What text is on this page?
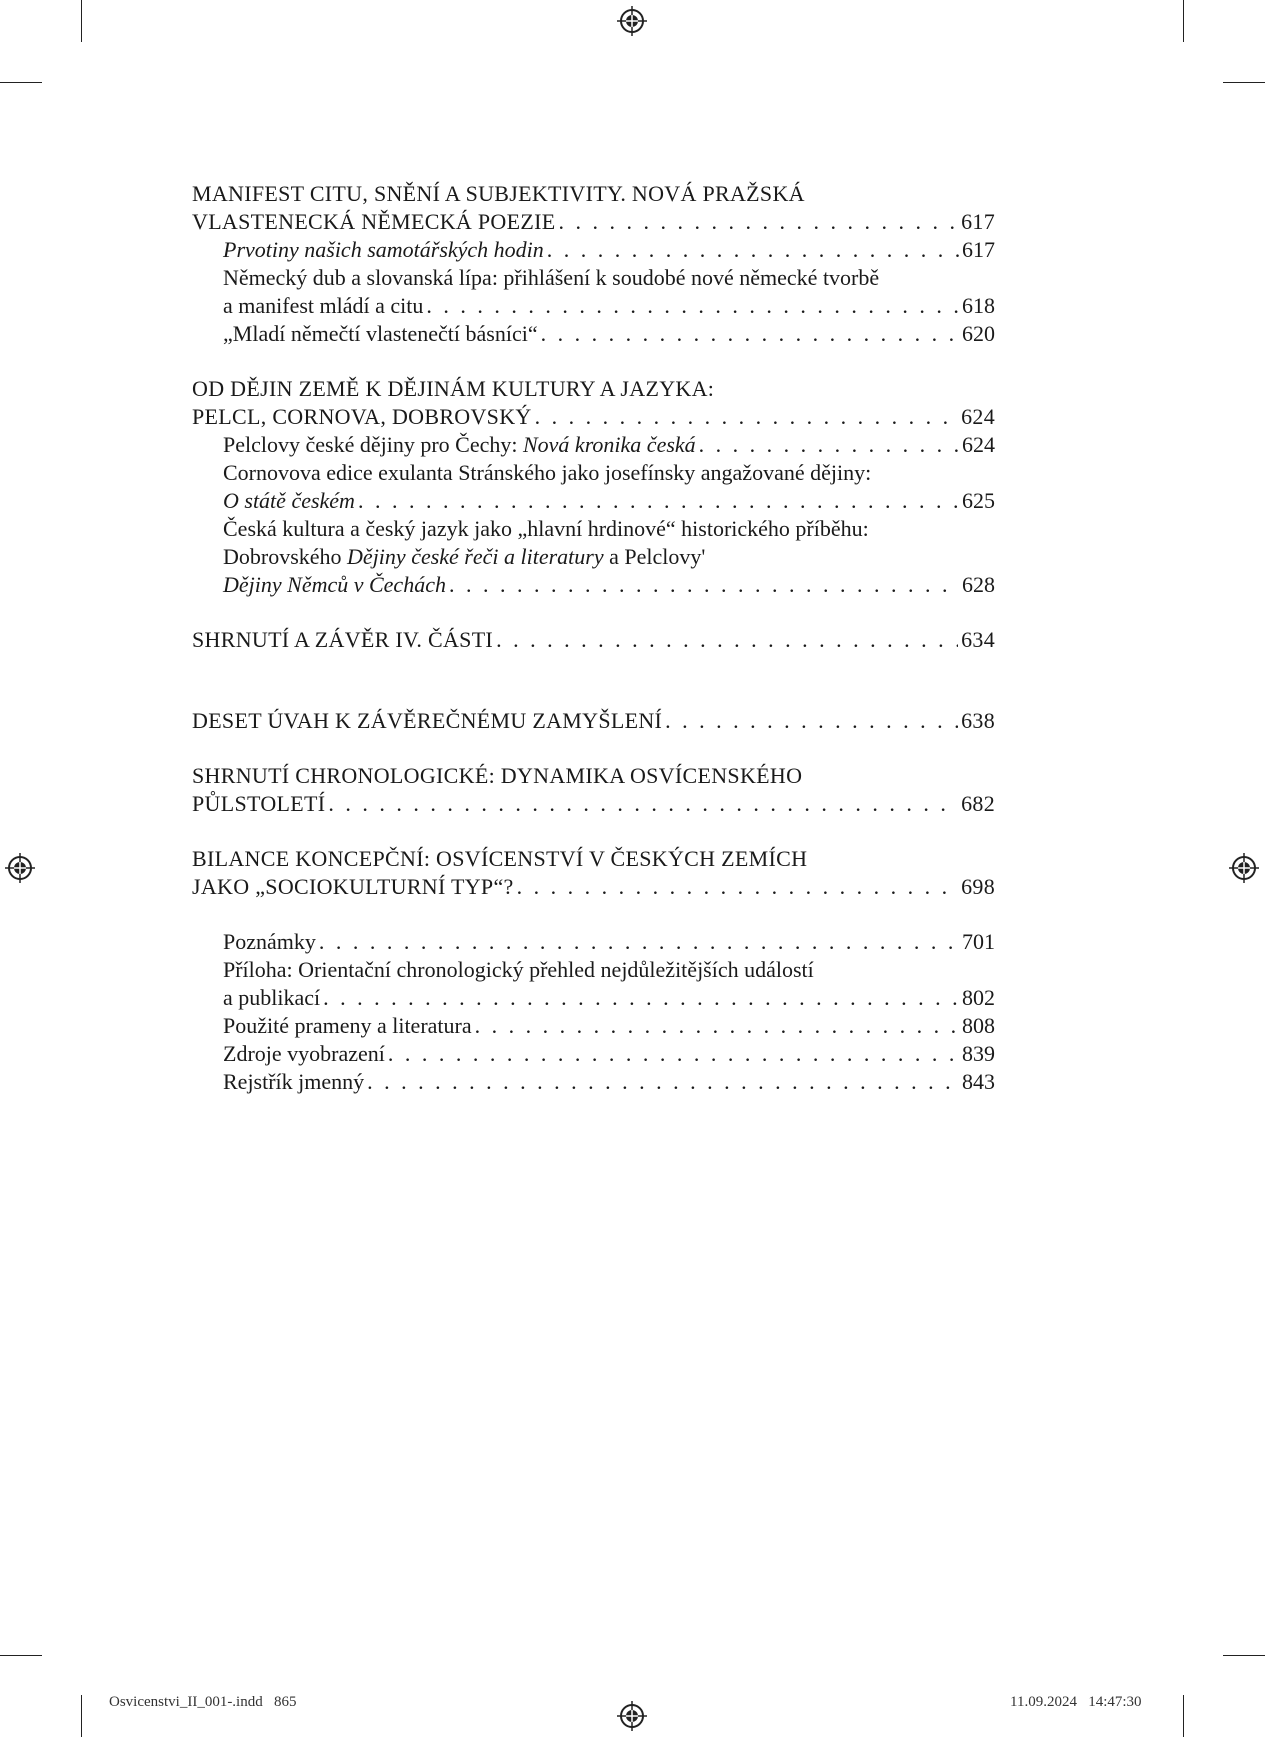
MANIFEST CITU, SNĚNÍ A SUBJEKTIVITY. NOVÁ PRAŽSKÁ
VLASTENECKÁ NĚMECKÁ POEZIE . . .	617
Prvotiny našich samotářských hodin . . .	617
Německý dub a slovanská lípa: přihlášení k soudobé nové německé tvorbě
a manifest mládí a citu . . .	618
„Mladí němečtí vlastenečtí básníci“ . . .	620
OD DĚJIN ZEMĚ K DĚJINÁM KULTURY A JAZYKA:
PELCL, CORNOVA, DOBROVSKÝ . . .	624
Pelclovy české dějiny pro Čechy: Nová kronika česká . . .	624
Cornovova edice exulanta Stránského jako josefínsky angažované dějiny:
O státě českém . . .	625
Česká kultura a český jazyk jako „hlavní hrdinové“ historického příběhu:
Dobrovského Dějiny české řeči a literatury a Pelclovy'
Dějiny Němců v Čechách . . .	628
SHRNUTÍ A ZÁVĚR IV. ČÁSTI . . .	634
DESET ÚVAH K ZÁVĚREČNÉMU ZAMYŠLENÍ . . .	638
SHRNUTÍ CHRONOLOGICKÉ: DYNAMIKA OSVÍCENSKÉHO
PŮLSTOLETÍ . . .	682
BILANCE KONCEPČNÍ: OSVÍCENSTVÍ V ČESKÝCH ZEMÍCH
JAKO „SOCIOKULTURNÍ TYP“? . . .	698
Poznámky . . .	701
Příloha: Orientační chronologický přehled nejdůležitějších událostí
a publikací . . .	802
Použité prameny a literatura . . .	808
Zdroje vyobrazení . . .	839
Rejstřík jmenný . . .	843
Osvicenstvi_II_001-.indd   865	11.09.2024   14:47:30
